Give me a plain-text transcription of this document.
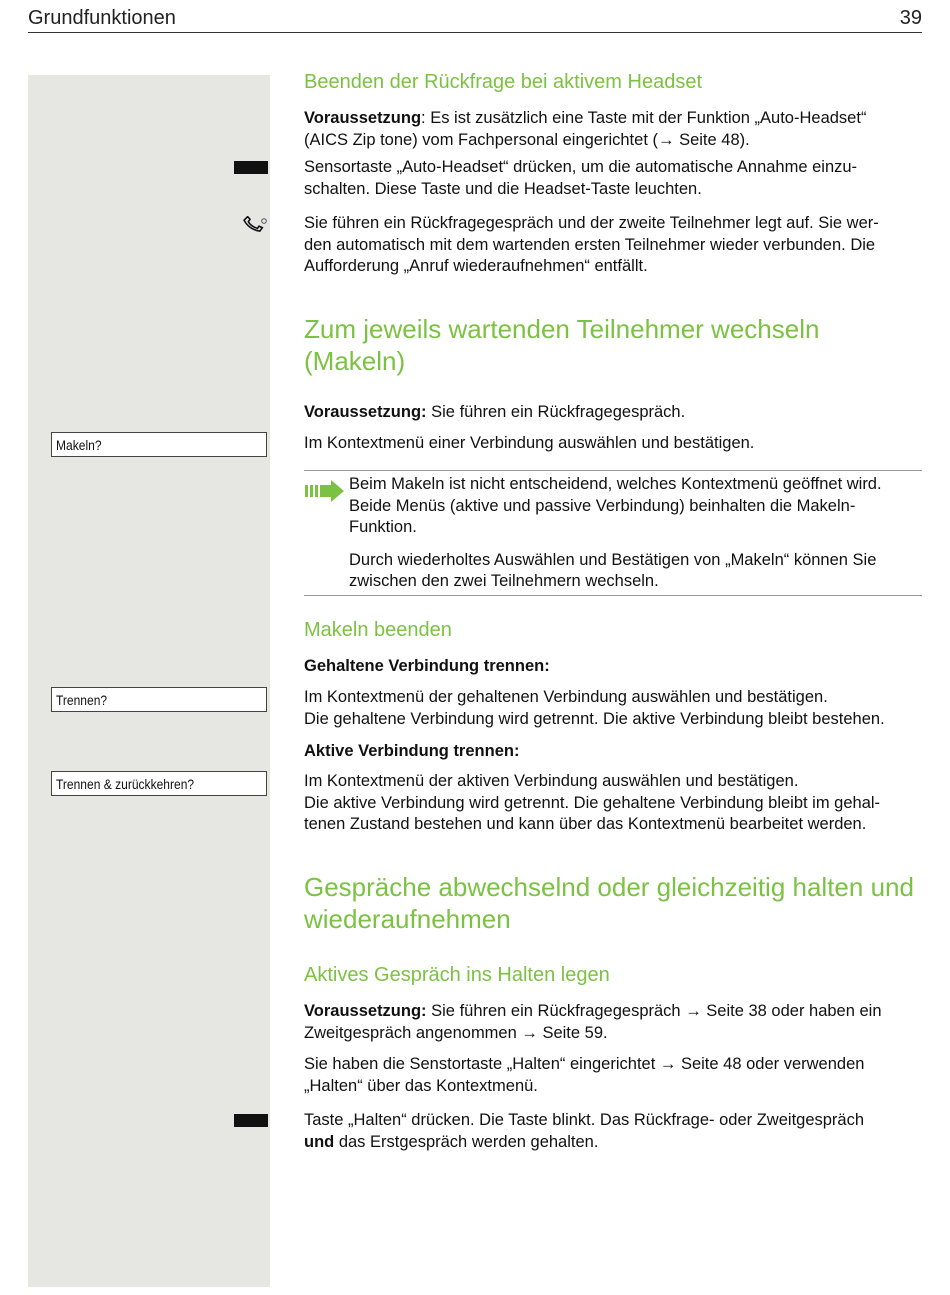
Grundfunktionen	39
Beenden der Rückfrage bei aktivem Headset
Voraussetzung: Es ist zusätzlich eine Taste mit der Funktion „Auto-Headset“
(AICS Zip tone) vom Fachpersonal eingerichtet (→ Seite 48).
Sensortaste „Auto-Headset“ drücken, um die automatische Annahme einzu-
schalten. Diese Taste und die Headset-Taste leuchten.
Sie führen ein Rückfragegespräch und der zweite Teilnehmer legt auf. Sie wer-
den automatisch mit dem wartenden ersten Teilnehmer wieder verbunden. Die
Aufforderung „Anruf wiederaufnehmen“ entfällt.
Zum jeweils wartenden Teilnehmer wechseln
(Makeln)
Voraussetzung: Sie führen ein Rückfragegespräch.
Makeln?	Im Kontextmenü einer Verbindung auswählen und bestätigen.
Beim Makeln ist nicht entscheidend, welches Kontextmenü geöffnet wird.
Beide Menüs (aktive und passive Verbindung) beinhalten die Makeln-
Funktion.
Durch wiederholtes Auswählen und Bestätigen von „Makeln“ können Sie
zwischen den zwei Teilnehmern wechseln.
Makeln beenden
Gehaltene Verbindung trennen:
Trennen?	Im Kontextmenü der gehaltenen Verbindung auswählen und bestätigen.
Die gehaltene Verbindung wird getrennt. Die aktive Verbindung bleibt bestehen.
Aktive Verbindung trennen:
Trennen & zurückkehren?	Im Kontextmenü der aktiven Verbindung auswählen und bestätigen.
Die aktive Verbindung wird getrennt. Die gehaltene Verbindung bleibt im gehal-
tenen Zustand bestehen und kann über das Kontextmenü bearbeitet werden.
Gespräche abwechselnd oder gleichzeitig halten und
wiederaufnehmen
Aktives Gespräch ins Halten legen
Voraussetzung: Sie führen ein Rückfragegespräch → Seite 38 oder haben ein
Zweitgespräch angenommen → Seite 59.
Sie haben die Senstortaste „Halten“ eingerichtet → Seite 48 oder verwenden
„Halten“ über das Kontextmenü.
Taste „Halten“ drücken. Die Taste blinkt. Das Rückfrage- oder Zweitgespräch
und das Erstgespräch werden gehalten.
